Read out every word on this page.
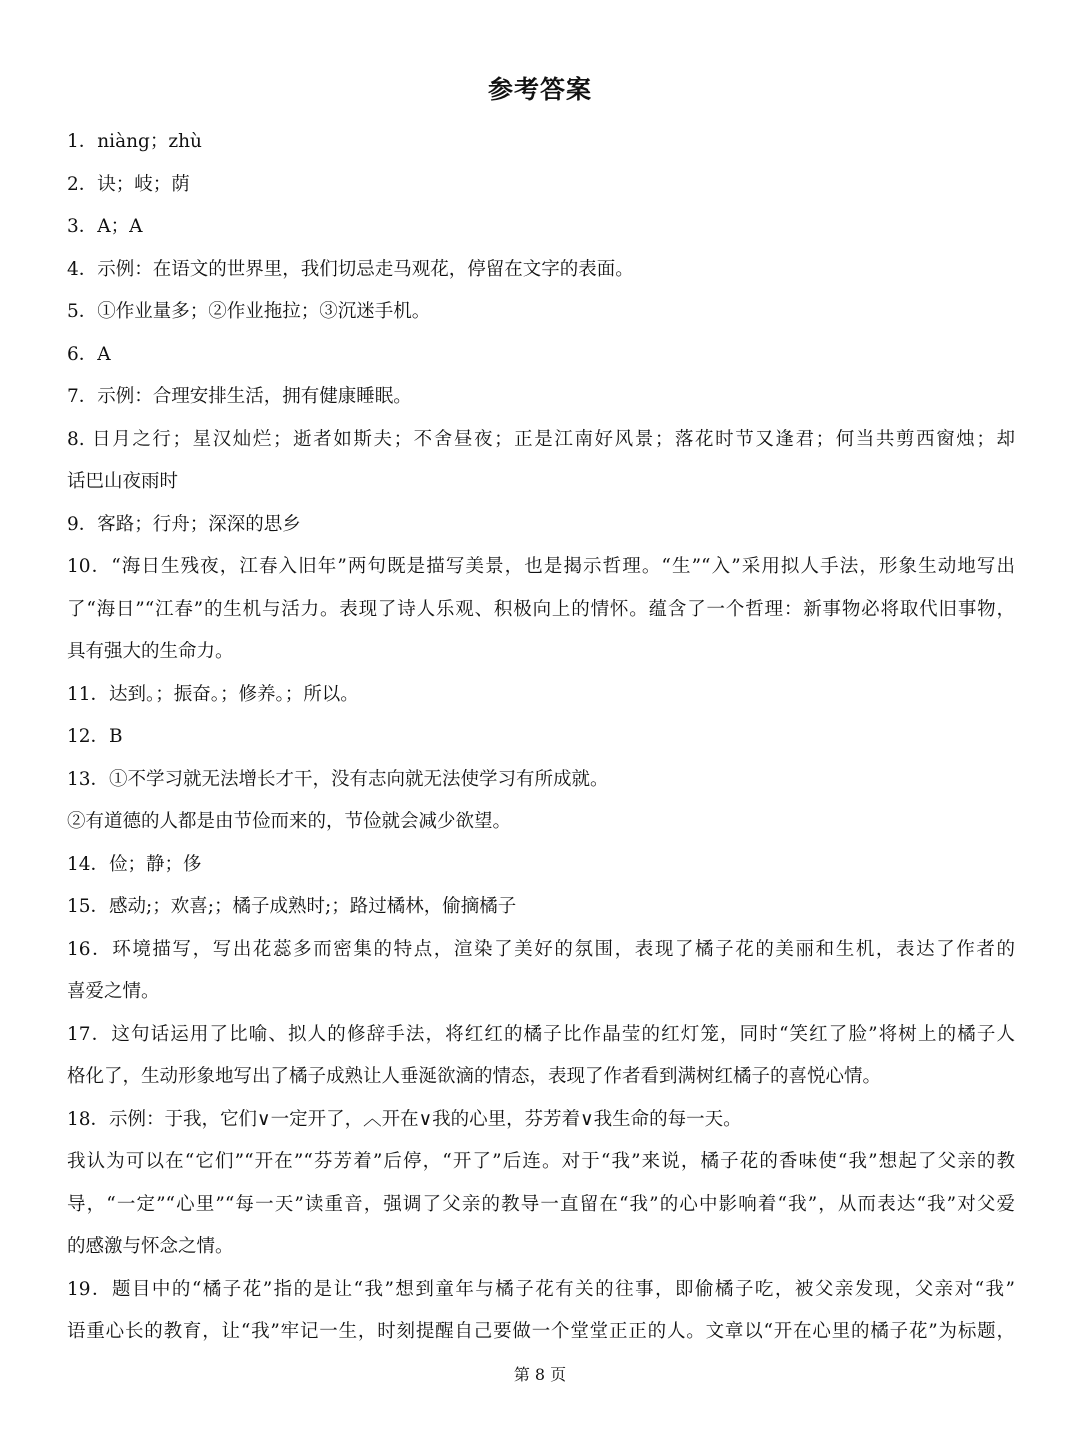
参考答案
1．niàng；zhù
2．诀；岐；荫
3．A；A
4．示例：在语文的世界里，我们切忌走马观花，停留在文字的表面。
5．①作业量多；②作业拖拉；③沉迷手机。
6．A
7．示例：合理安排生活，拥有健康睡眠。
8. 日月之行；星汉灿烂；逝者如斯夫；不舍昼夜；正是江南好风景；落花时节又逢君；何当共剪西窗烛；却
话巴山夜雨时
9．客路；行舟；深深的思乡
10．“海日生残夜，江春入旧年”两句既是描写美景，也是揭示哲理。“生”“入”采用拟人手法，形象生动地写出
了“海日”“江春”的生机与活力。表现了诗人乐观、积极向上的情怀。蕴含了一个哲理：新事物必将取代旧事物，
具有强大的生命力。
11．达到。；振奋。；修养。；所以。
12．B
13．①不学习就无法增长才干，没有志向就无法使学习有所成就。
②有道德的人都是由节俭而来的，节俭就会减少欲望。
14．俭；静；侈
15．感动;；欢喜;；橘子成熟时;；路过橘林，偷摘橘子
16．环境描写，写出花蕊多而密集的特点，渲染了美好的氛围，表现了橘子花的美丽和生机，表达了作者的
喜爱之情。
17．这句话运用了比喻、拟人的修辞手法，将红红的橘子比作晶莹的红灯笼，同时“笑红了脸”将树上的橘子人
格化了，生动形象地写出了橘子成熟让人垂涎欲滴的情态，表现了作者看到满树红橘子的喜悦心情。
18．示例：于我，它们∨一定开了，︿开在∨我的心里，芬芳着∨我生命的每一天。
我认为可以在“它们”“开在”“芬芳着”后停，“开了”后连。对于“我”来说，橘子花的香味使“我”想起了父亲的教
导，“一定”“心里”“每一天”读重音，强调了父亲的教导一直留在“我”的心中影响着“我”，从而表达“我”对父爱
的感激与怀念之情。
19．题目中的“橘子花”指的是让“我”想到童年与橘子花有关的往事，即偷橘子吃，被父亲发现，父亲对“我”
语重心长的教育，让“我”牢记一生，时刻提醒自己要做一个堂堂正正的人。文章以“开在心里的橘子花”为标题，
第 8 页
